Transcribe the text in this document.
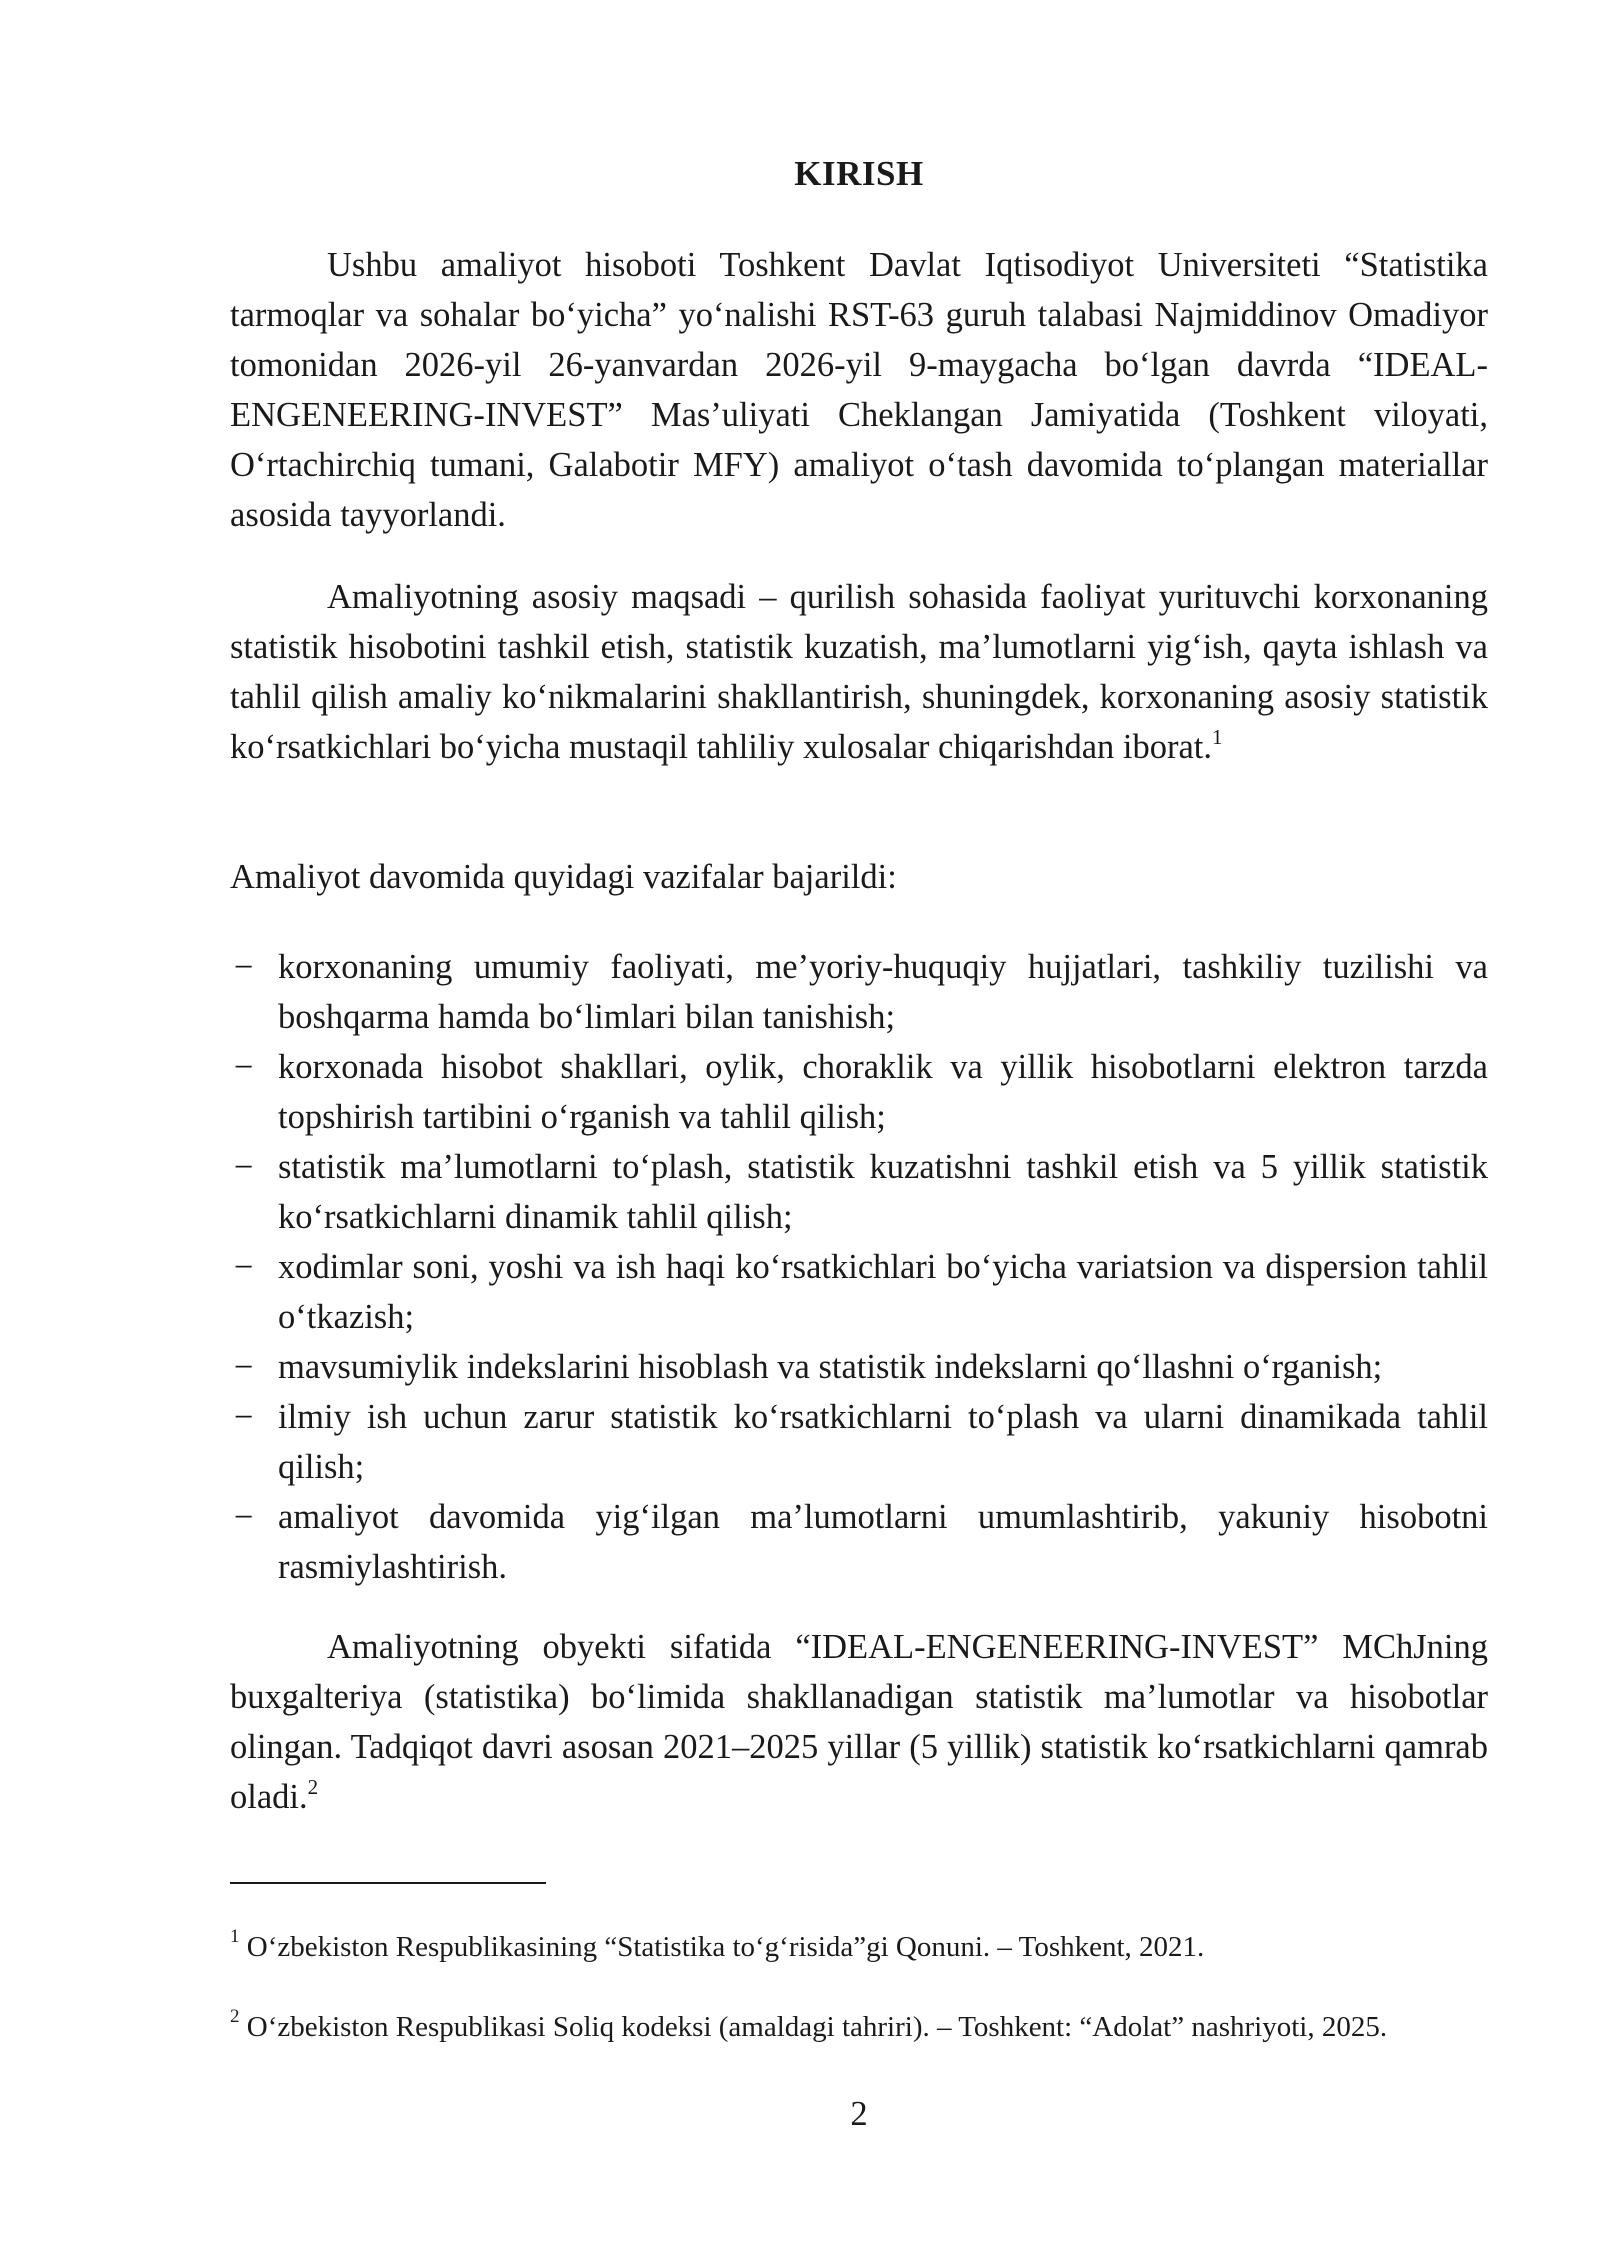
KIRISH

Ushbu amaliyot hisoboti Toshkent Davlat Iqtisodiyot Universiteti “Statistika tarmoqlar va sohalar bo‘yicha” yo‘nalishi RST-63 guruh talabasi Najmiddinov Omadiyor tomonidan 2026-yil 26-yanvardan 2026-yil 9-maygacha bo‘lgan davrda “IDEAL-ENGENEERING-INVEST” Mas’uliyati Cheklangan Jamiyatida (Toshkent viloyati, O‘rtachirchiq tumani, Galabotir MFY) amaliyot o‘tash davomida to‘plangan materiallar asosida tayyorlandi.

Amaliyotning asosiy maqsadi – qurilish sohasida faoliyat yurituvchi korxonaning statistik hisobotini tashkil etish, statistik kuzatish, ma’lumotlarni yig‘ish, qayta ishlash va tahlil qilish amaliy ko‘nikmalarini shakllantirish, shuningdek, korxonaning asosiy statistik ko‘rsatkichlari bo‘yicha mustaqil tahliliy xulosalar chiqarishdan iborat.$^1$

Amaliyot davomida quyidagi vazifalar bajarildi:

− korxonaning umumiy faoliyati, me’yoriy-huquqiy hujjatlari, tashkiliy tuzilishi va boshqarma hamda bo‘limlari bilan tanishish;
− korxonada hisobot shakllari, oylik, choraklik va yillik hisobotlarni elektron tarzda topshirish tartibini o‘rganish va tahlil qilish;
− statistik ma’lumotlarni to‘plash, statistik kuzatishni tashkil etish va 5 yillik statistik ko‘rsatkichlarni dinamik tahlil qilish;
− xodimlar soni, yoshi va ish haqi ko‘rsatkichlari bo‘yicha variatsion va dispersion tahlil o‘tkazish;
− mavsumiylik indekslarini hisoblash va statistik indekslarni qo‘llashni o‘rganish;
− ilmiy ish uchun zarur statistik ko‘rsatkichlarni to‘plash va ularni dinamikada tahlil qilish;
− amaliyot davomida yig‘ilgan ma’lumotlarni umumlashtirib, yakuniy hisobotni rasmiylashtirish.

Amaliyotning obyekti sifatida “IDEAL-ENGENEERING-INVEST” MChJning buxgalteriya (statistika) bo‘limida shakllanadigan statistik ma’lumotlar va hisobotlar olingan. Tadqiqot davri asosan 2021–2025 yillar (5 yillik) statistik ko‘rsatkichlarni qamrab oladi.$^2$

$^1$ O‘zbekiston Respublikasining “Statistika to‘g‘risida”gi Qonuni. – Toshkent, 2021.

$^2$ O‘zbekiston Respublikasi Soliq kodeksi (amaldagi tahriri). – Toshkent: “Adolat” nashriyoti, 2025.

2
